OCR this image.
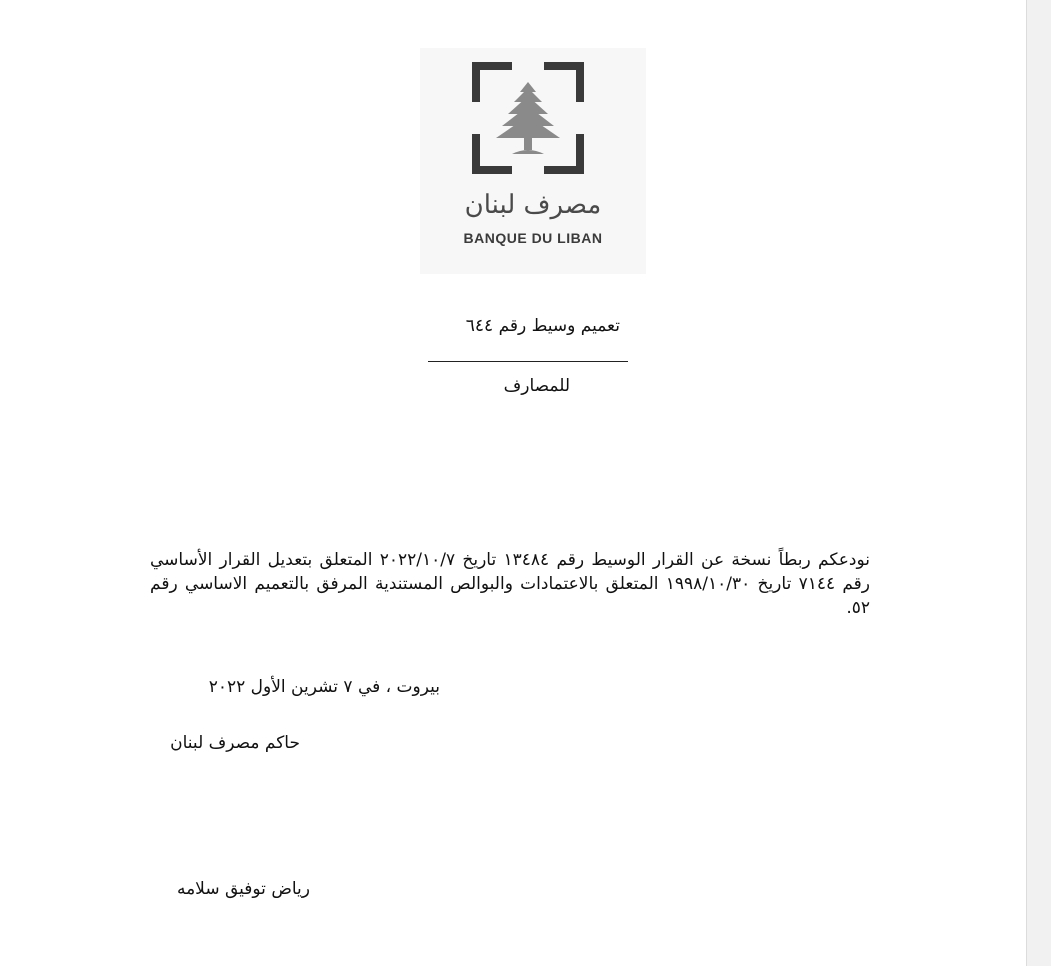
مصرف لبنان
BANQUE DU LIBAN
تعميم وسيط رقم ٦٤٤
للمصارف
نودعكم ربطاً نسخة عن القرار الوسيط رقم ١٣٤٨٤ تاريخ ٢٠٢٢/١٠/٧ المتعلق بتعديل القرار الأساسي رقم ٧١٤٤ تاريخ ١٩٩٨/١٠/٣٠ المتعلق بالاعتمادات والبوالص المستندية المرفق بالتعميم الاساسي رقم ٥٢.
بيروت ، في ٧ تشرين الأول ٢٠٢٢
حاكم مصرف لبنان
رياض توفيق سلامه
